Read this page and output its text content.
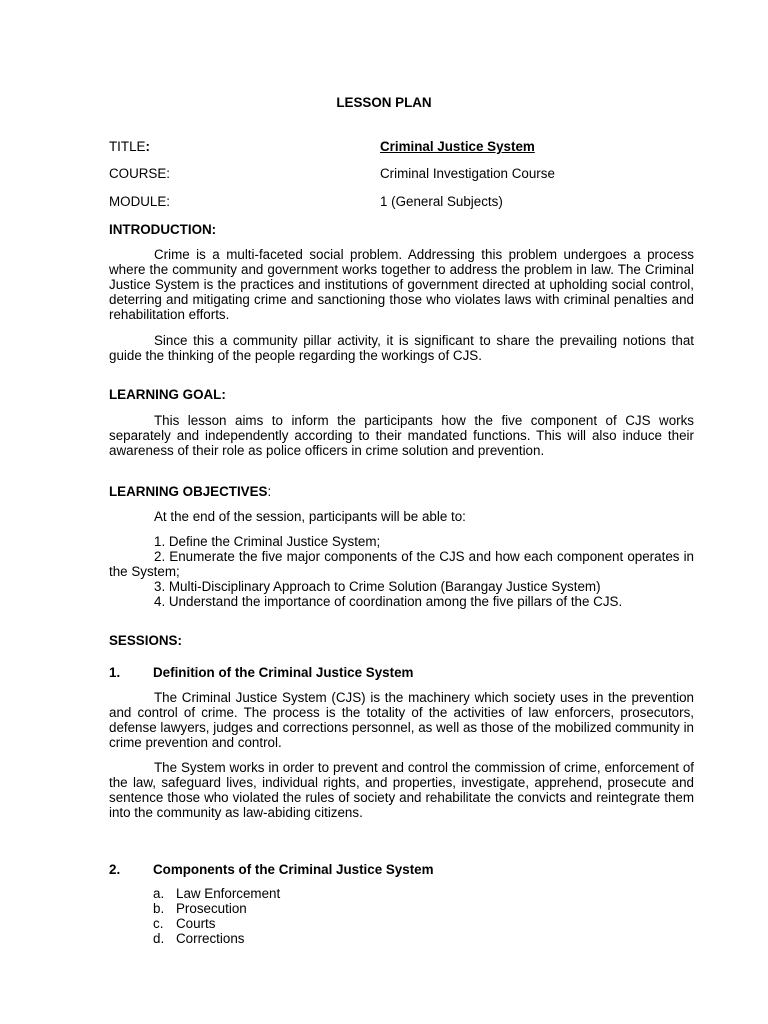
LESSON PLAN
TITLE:	Criminal Justice System
COURSE:	Criminal Investigation Course
MODULE:	1 (General Subjects)
INTRODUCTION:
Crime is a multi-faceted social problem. Addressing this problem undergoes a process where the community and government works together to address the problem in law. The Criminal Justice System is the practices and institutions of government directed at upholding social control, deterring and mitigating crime and sanctioning those who violates laws with criminal penalties and rehabilitation efforts.
Since this a community pillar activity, it is significant to share the prevailing notions that guide the thinking of the people regarding the workings of CJS.
LEARNING GOAL:
This lesson aims to inform the participants how the five component of CJS works separately and independently according to their mandated functions. This will also induce their awareness of their role as police officers in crime solution and prevention.
LEARNING OBJECTIVES:
At the end of the session, participants will be able to:
1. Define the Criminal Justice System;
2. Enumerate the five major components of the CJS and how each component operates in the System;
3. Multi-Disciplinary Approach to Crime Solution (Barangay Justice System)
4. Understand the importance of coordination among the five pillars of the CJS.
SESSIONS:
1. Definition of the Criminal Justice System
The Criminal Justice System (CJS) is the machinery which society uses in the prevention and control of crime. The process is the totality of the activities of law enforcers, prosecutors, defense lawyers, judges and corrections personnel, as well as those of the mobilized community in crime prevention and control.
The System works in order to prevent and control the commission of crime, enforcement of the law, safeguard lives, individual rights, and properties, investigate, apprehend, prosecute and sentence those who violated the rules of society and rehabilitate the convicts and reintegrate them into the community as law-abiding citizens.
2. Components of the Criminal Justice System
a. Law Enforcement
b. Prosecution
c. Courts
d. Corrections
